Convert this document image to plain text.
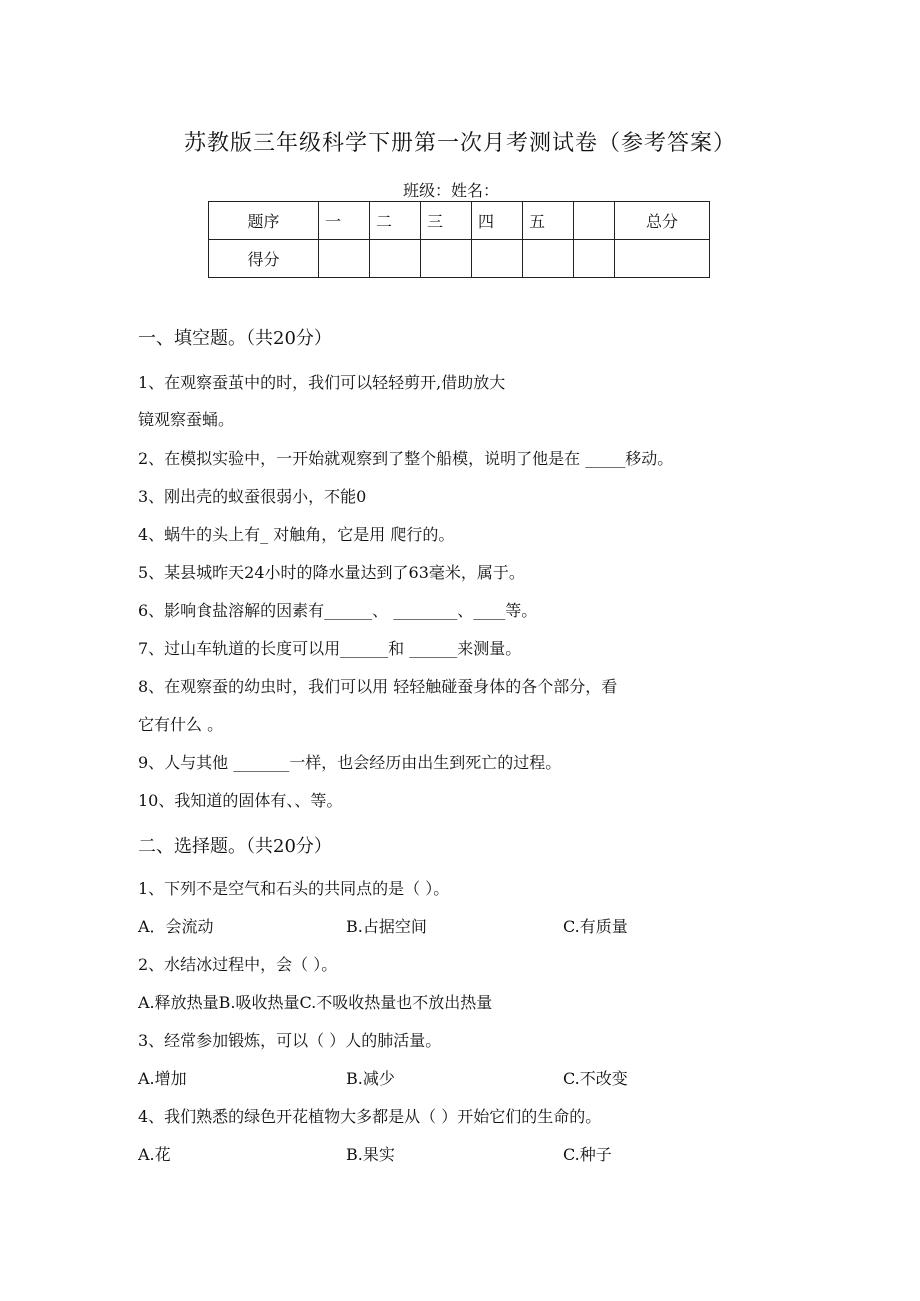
苏教版三年级科学下册第一次月考测试卷（参考答案）
班级：姓名：
题序	一	二	三	四	五		总分
得分							
一、填空题。（共20分）
1、在观察蚕茧中的时，我们可以轻轻剪开,借助放大
镜观察蚕蛹。
2、在模拟实验中，一开始就观察到了整个船模，说明了他是在 _____移动。
3、刚出壳的蚁蚕很弱小，不能0
4、蜗牛的头上有_ 对触角，它是用 爬行的。
5、某县城昨天24小时的降水量达到了63毫米，属于。
6、影响食盐溶解的因素有______、 ________、____等。
7、过山车轨道的长度可以用______和 ______来测量。
8、在观察蚕的幼虫时，我们可以用 轻轻触碰蚕身体的各个部分，看
它有什么 。
9、人与其他 _______一样，也会经历由出生到死亡的过程。
10、我知道的固体有、、等。
二、选择题。（共20分）
1、下列不是空气和石头的共同点的是（ ）。
A．会流动	B.占据空间	C.有质量
2、水结冰过程中，会（ ）。
A.释放热量B.吸收热量C.不吸收热量也不放出热量
3、经常参加锻炼，可以（ ）人的肺活量。
A.增加	B.减少	C.不改变
4、我们熟悉的绿色开花植物大多都是从（ ）开始它们的生命的。
A.花	B.果实	C.种子
